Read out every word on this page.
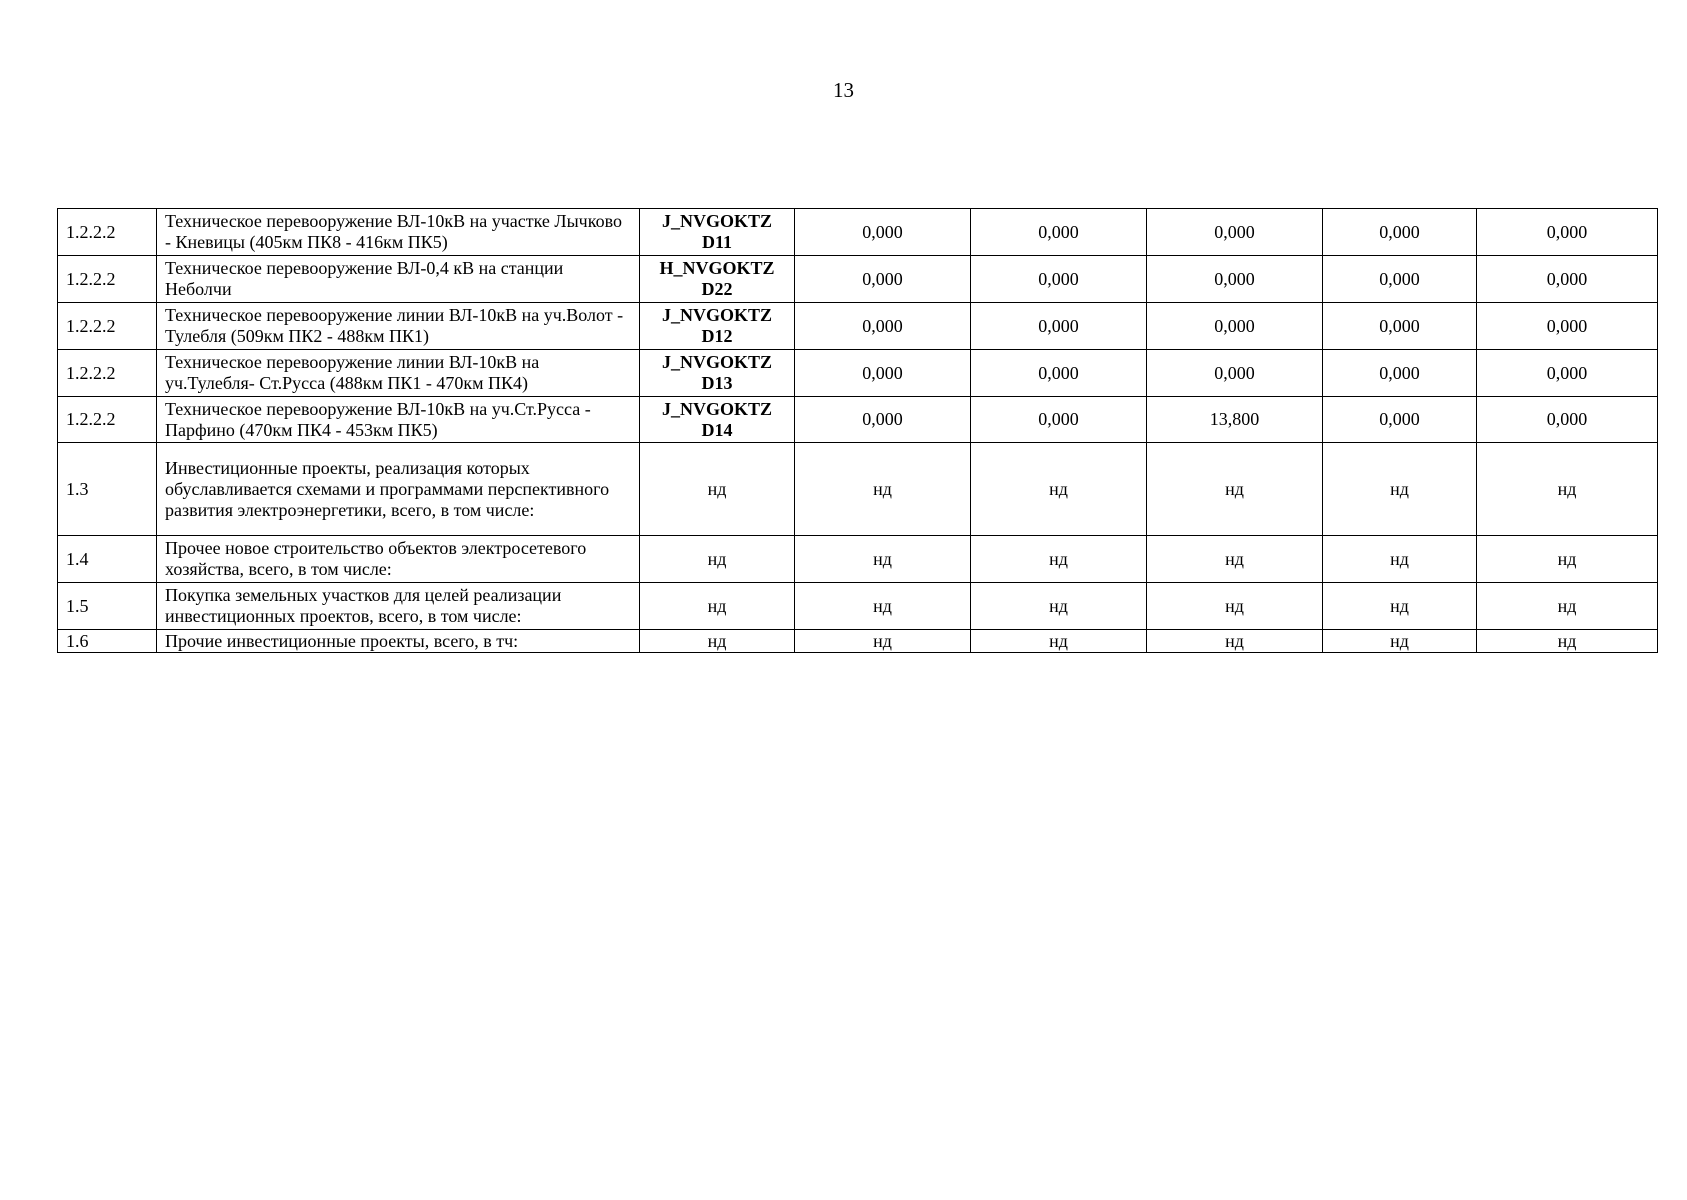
13
1.2.2.2	Техническое перевооружение ВЛ-10кВ на участке Лычково - Кневицы (405км ПК8 - 416км ПК5)	J_NVGOKTZ D11	0,000	0,000	0,000	0,000	0,000
1.2.2.2	Техническое перевооружение ВЛ-0,4 кВ на станции Неболчи	H_NVGOKTZ D22	0,000	0,000	0,000	0,000	0,000
1.2.2.2	Техническое перевооружение линии ВЛ-10кВ на уч.Волот - Тулебля (509км ПК2 - 488км ПК1)	J_NVGOKTZ D12	0,000	0,000	0,000	0,000	0,000
1.2.2.2	Техническое перевооружение линии ВЛ-10кВ на уч.Тулебля- Ст.Русса (488км ПК1 - 470км ПК4)	J_NVGOKTZ D13	0,000	0,000	0,000	0,000	0,000
1.2.2.2	Техническое перевооружение ВЛ-10кВ на уч.Ст.Русса - Парфино (470км ПК4 - 453км ПК5)	J_NVGOKTZ D14	0,000	0,000	13,800	0,000	0,000
1.3	Инвестиционные проекты, реализация которых обуславливается схемами и программами перспективного развития электроэнергетики, всего, в том числе:	нд	нд	нд	нд	нд	нд
1.4	Прочее новое строительство объектов электросетевого хозяйства, всего, в том числе:	нд	нд	нд	нд	нд	нд
1.5	Покупка земельных участков для целей реализации инвестиционных проектов, всего, в том числе:	нд	нд	нд	нд	нд	нд
1.6	Прочие инвестиционные проекты, всего, в тч:	нд	нд	нд	нд	нд	нд
